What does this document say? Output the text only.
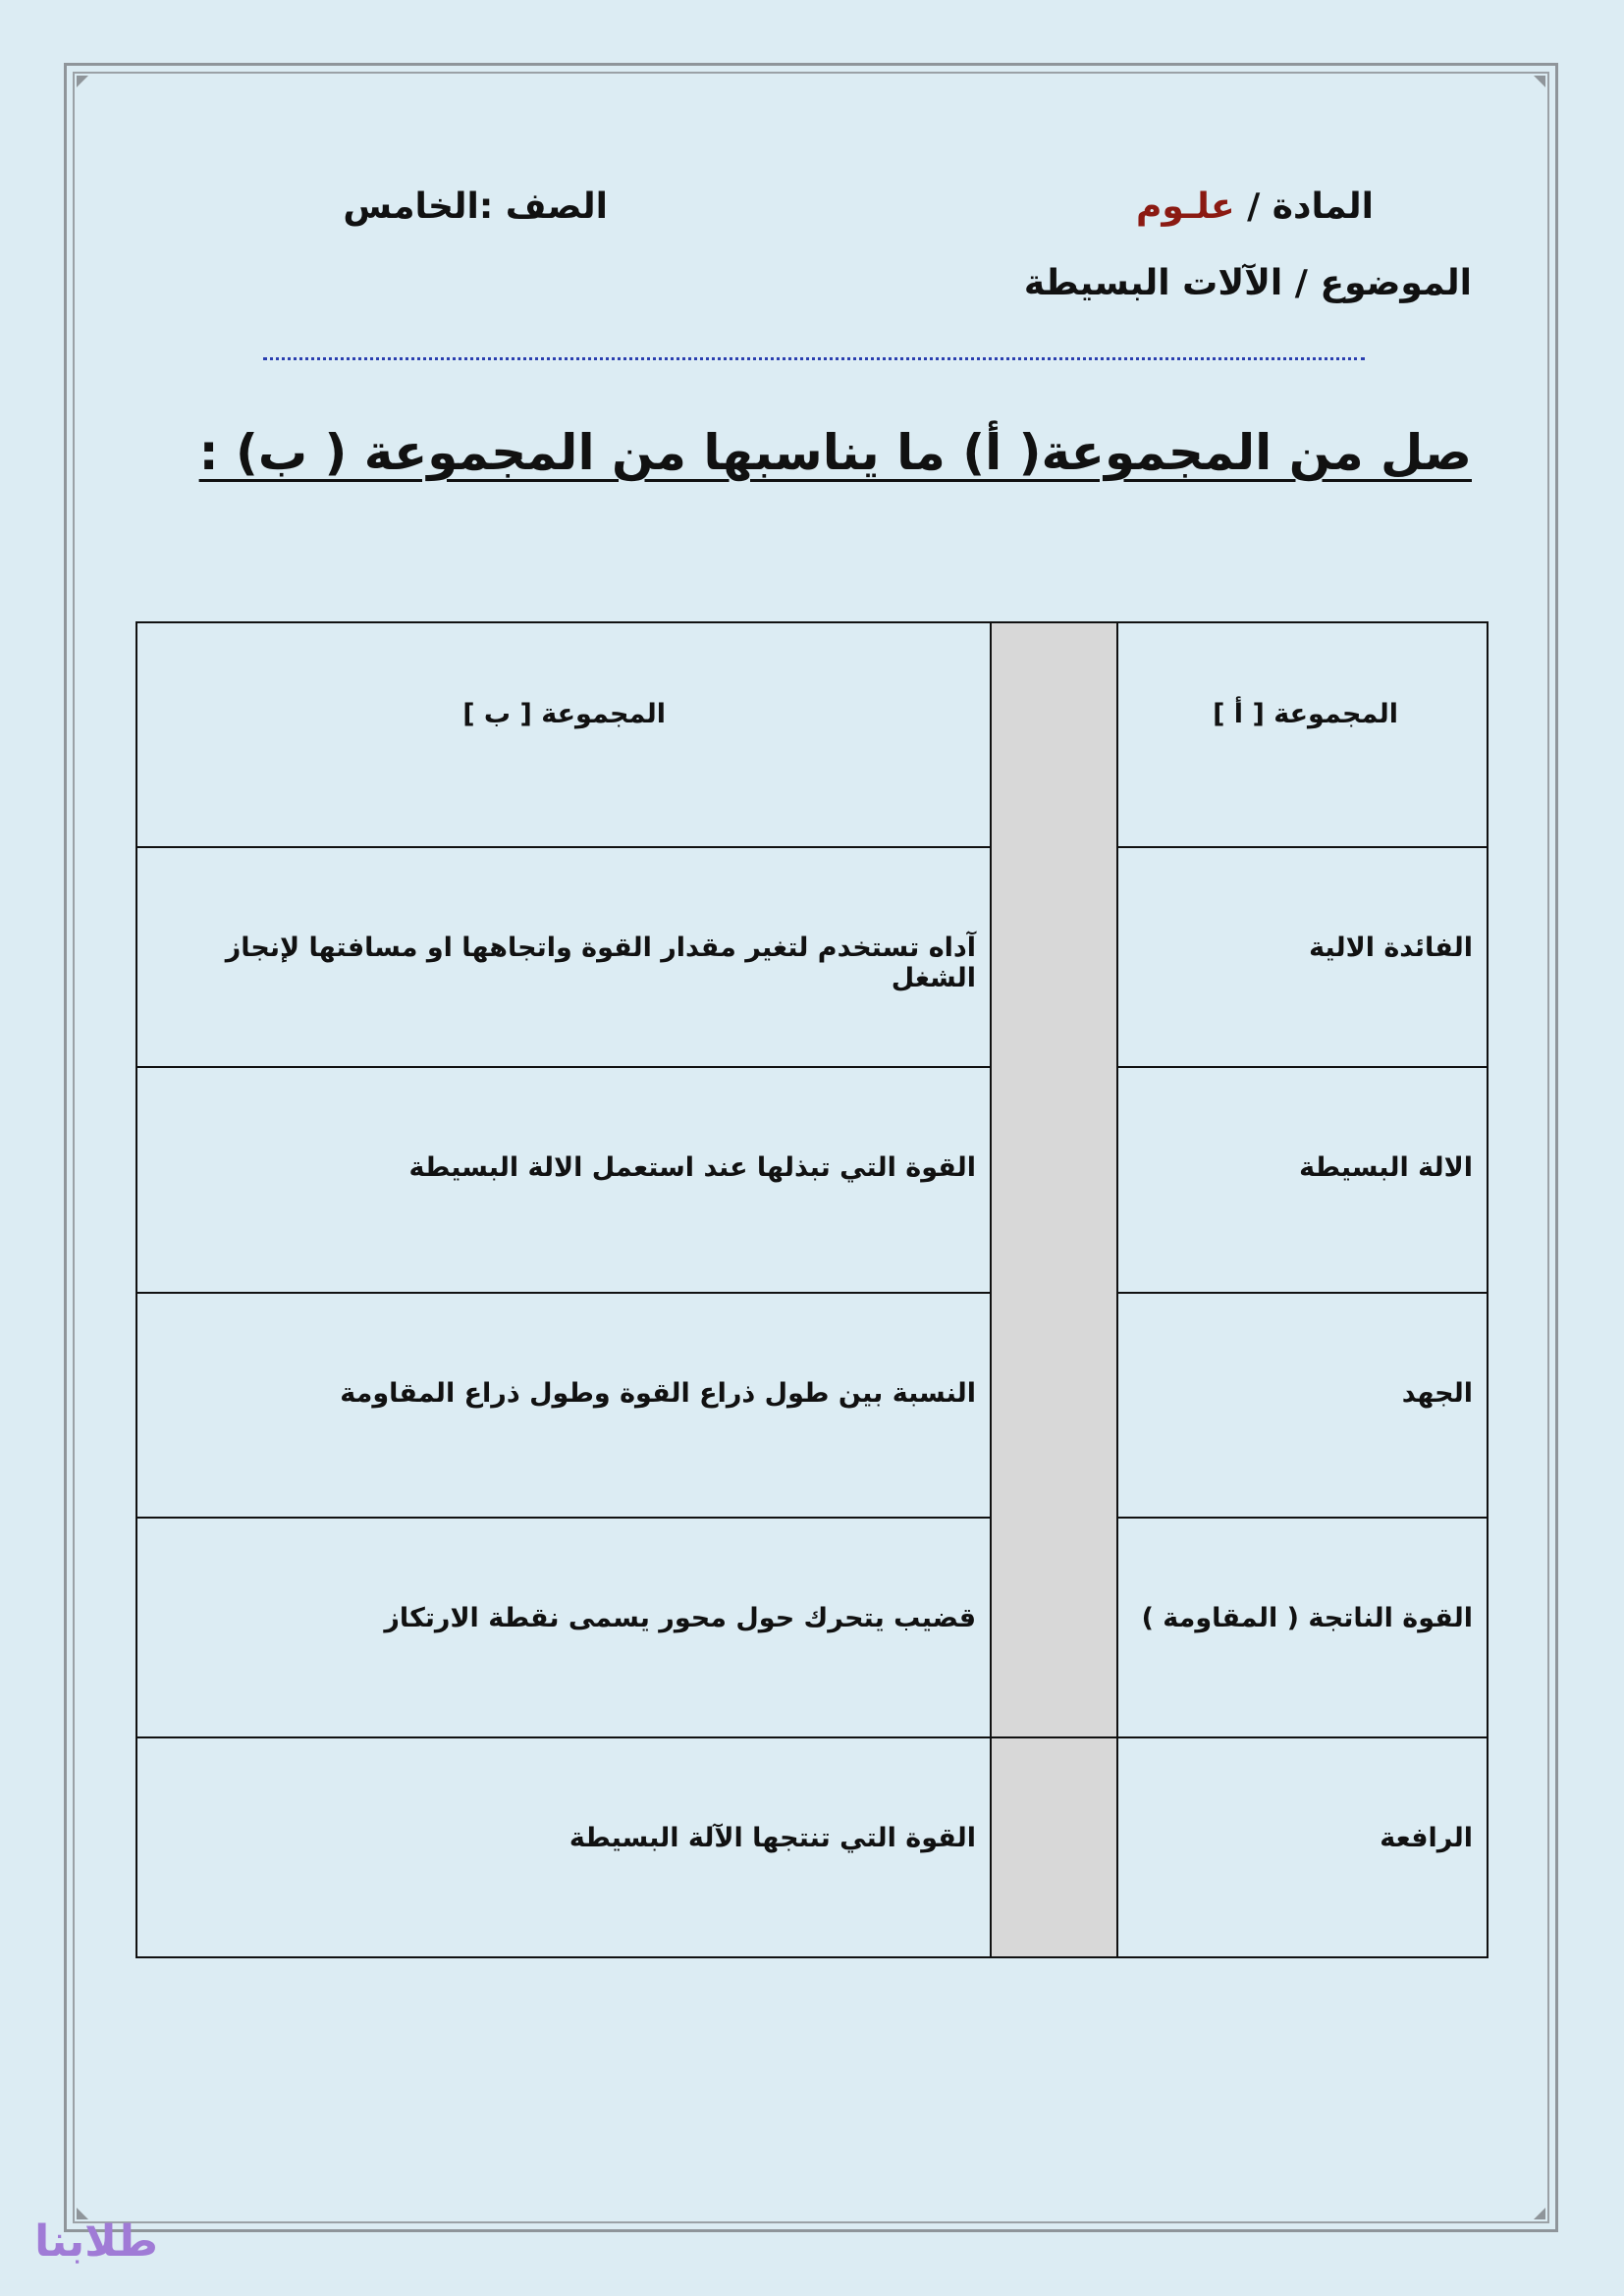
المادة / علـوم
الصف :الخامس
الموضوع / الآلات البسيطة
صل من المجموعة( أ) ما يناسبها من المجموعة ( ب) :
المجموعة [ أ ]		المجموعة [ ب ]
الفائدة الالية		آداه تستخدم لتغير مقدار القوة واتجاهها او مسافتها لإنجاز الشغل
الالة البسيطة		القوة التي تبذلها عند استعمل الالة البسيطة
الجهد		النسبة بين طول ذراع القوة وطول ذراع المقاومة
القوة الناتجة ( المقاومة )		قضيب يتحرك حول محور يسمى نقطة الارتكاز
الرافعة		القوة التي تنتجها الآلة البسيطة
طلابنا
